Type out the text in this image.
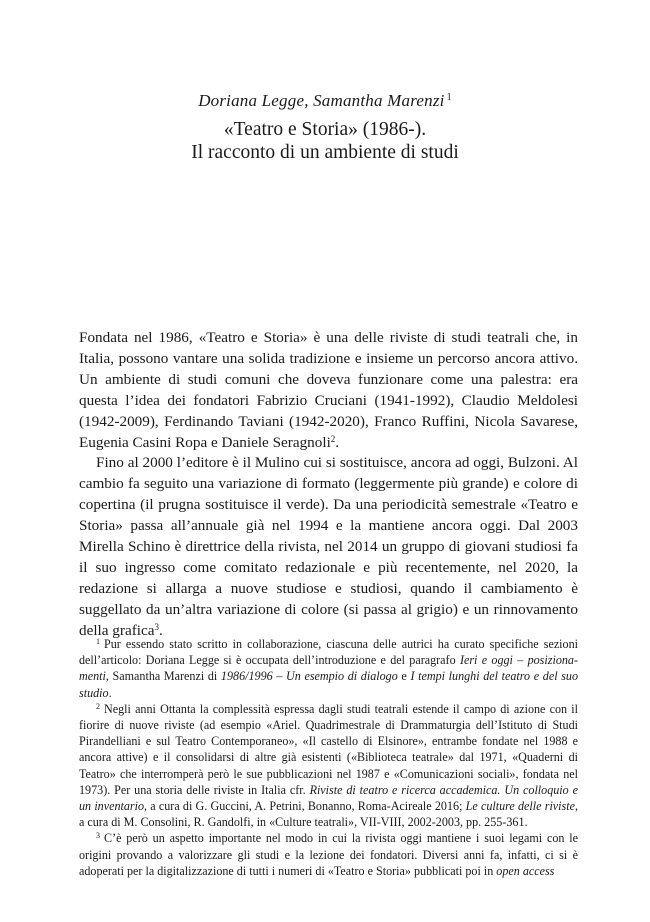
Doriana Legge, Samantha Marenzi $^1$
«Teatro e Storia» (1986-).
Il racconto di un ambiente di studi

Fondata nel 1986, «Teatro e Storia» è una delle riviste di studi teatrali che, in Italia, possono vantare una solida tradizione e insieme un percorso ancora attivo. Un ambiente di studi comuni che doveva funzionare come una palestra: era questa l’idea dei fondatori Fabrizio Cruciani (1941-1992), Claudio Meldolesi (1942-2009), Ferdinando Taviani (1942-2020), Franco Ruffini, Nicola Savarese, Eugenia Casini Ropa e Daniele Seragnoli$^2$.

Fino al 2000 l’editore è il Mulino cui si sostituisce, ancora ad oggi, Bulzoni. Al cambio fa seguito una variazione di formato (leggermente più grande) e colore di copertina (il prugna sostituisce il verde). Da una periodicità semestrale «Teatro e Storia» passa all’annuale già nel 1994 e la mantiene ancora oggi. Dal 2003 Mirella Schino è direttrice della rivista, nel 2014 un gruppo di giovani studiosi fa il suo ingresso come comitato redazionale e più recentemente, nel 2020, la redazione si allarga a nuove studiose e studiosi, quando il cambiamento è suggellato da un’altra variazione di colore (si passa al grigio) e un rinnovamento della grafica$^3$.

$^1$ Pur essendo stato scritto in collaborazione, ciascuna delle autrici ha curato specifiche sezioni dell’articolo: Doriana Legge si è occupata dell’introduzione e del paragrafo Ieri e oggi – posizionamenti, Samantha Marenzi di 1986/1996 – Un esempio di dialogo e I tempi lunghi del teatro e del suo studio.

$^2$ Negli anni Ottanta la complessità espressa dagli studi teatrali estende il campo di azione con il fiorire di nuove riviste (ad esempio «Ariel. Quadrimestrale di Drammaturgia dell’Istituto di Studi Pirandelliani e sul Teatro Contemporaneo», «Il castello di Elsinore», entrambe fondate nel 1988 e ancora attive) e il consolidarsi di altre già esistenti («Biblioteca teatrale» dal 1971, «Quaderni di Teatro» che interromperà però le sue pubblicazioni nel 1987 e «Comunicazioni sociali», fondata nel 1973). Per una storia delle riviste in Italia cfr. Riviste di teatro e ricerca accademica. Un colloquio e un inventario, a cura di G. Guccini, A. Petrini, Bonanno, Roma-Acireale 2016; Le culture delle riviste, a cura di M. Consolini, R. Gandolfi, in «Culture teatrali», VII-VIII, 2002-2003, pp. 255-361.

$^3$ C’è però un aspetto importante nel modo in cui la rivista oggi mantiene i suoi legami con le origini provando a valorizzare gli studi e la lezione dei fondatori. Diversi anni fa, infatti, ci si è adoperati per la digitalizzazione di tutti i numeri di «Teatro e Storia» pubblicati poi in open access
